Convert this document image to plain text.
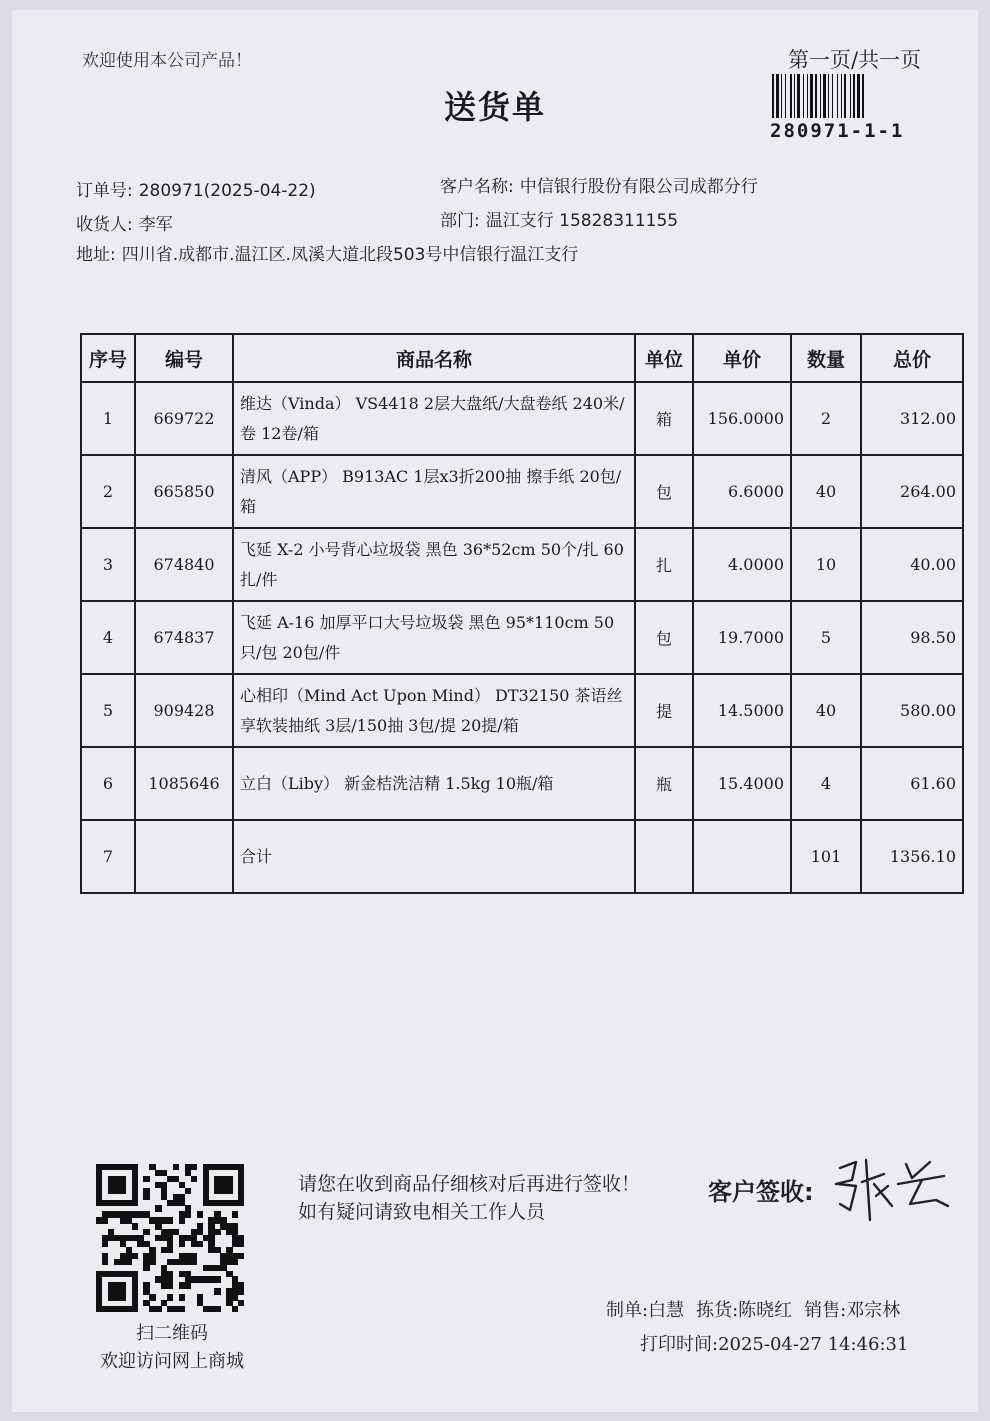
欢迎使用本公司产品！
送货单
第一页/共一页
280971-1-1
订单号: 280971(2025-04-22)
收货人: 李军
地址: 四川省.成都市.温江区.凤溪大道北段503号中信银行温江支行
客户名称: 中信银行股份有限公司成都分行
部门: 温江支行 15828311155
序号	编号	商品名称	单位	单价	数量	总价
1	669722	维达（Vinda） VS4418 2层大盘纸/大盘卷纸 240米/卷 12卷/箱	箱	156.0000	2	312.00
2	665850	清风（APP） B913AC 1层x3折200抽 擦手纸 20包/箱	包	6.6000	40	264.00
3	674840	飞延 X-2 小号背心垃圾袋 黑色 36*52cm 50个/扎 60扎/件	扎	4.0000	10	40.00
4	674837	飞延 A-16 加厚平口大号垃圾袋 黑色 95*110cm 50只/包 20包/件	包	19.7000	5	98.50
5	909428	心相印（Mind Act Upon Mind） DT32150 茶语丝享软装抽纸 3层/150抽 3包/提 20提/箱	提	14.5000	40	580.00
6	1085646	立白（Liby） 新金桔洗洁精 1.5kg 10瓶/箱	瓶	15.4000	4	61.60
7		合计			101	1356.10
扫二维码
欢迎访问网上商城
请您在收到商品仔细核对后再进行签收！如有疑问请致电相关工作人员
客户签收:
制单:白慧 拣货:陈晓红 销售:邓宗林
打印时间:2025-04-27 14:46:31
